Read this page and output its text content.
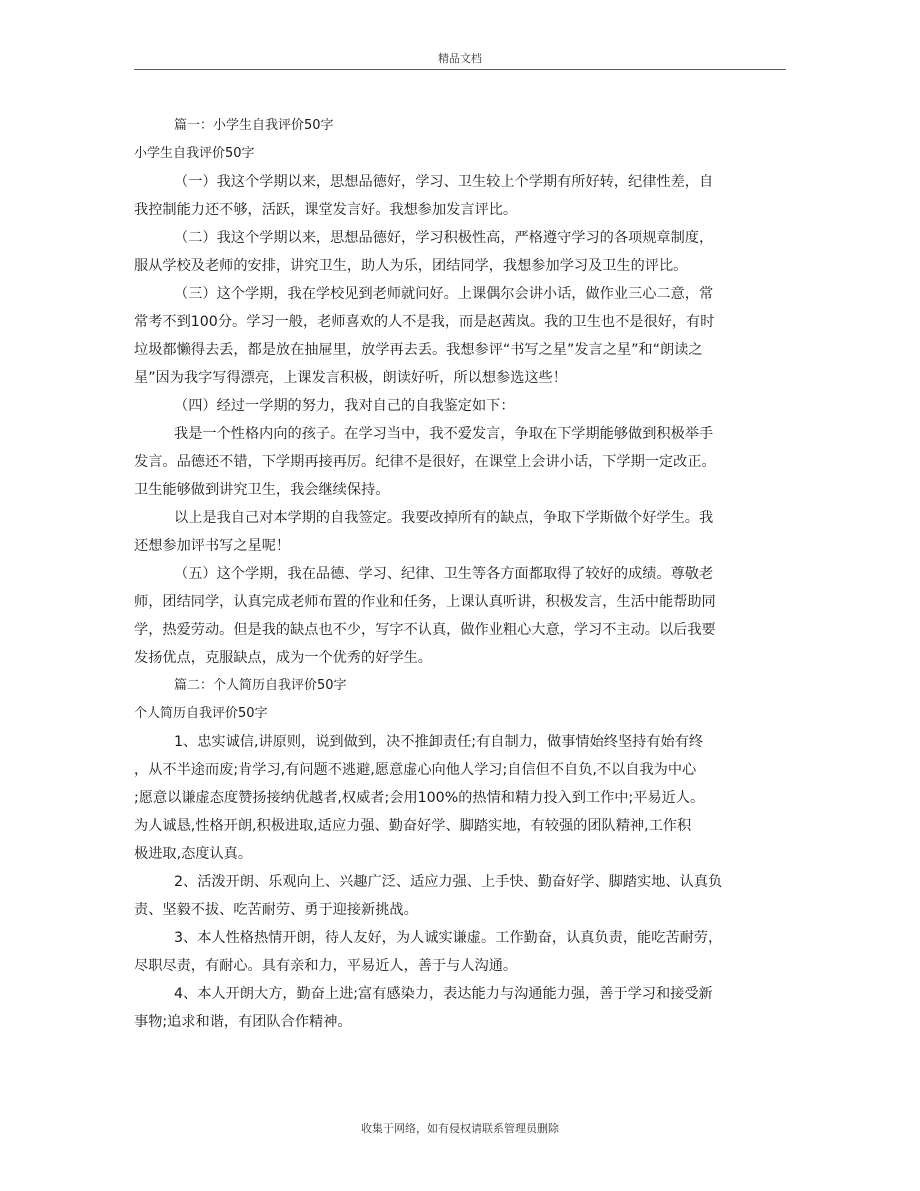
精品文档
篇一：小学生自我评价50字
小学生自我评价50字
（一）我这个学期以来，思想品德好，学习、卫生较上个学期有所好转，纪律性差，自
我控制能力还不够，活跃，课堂发言好。我想参加发言评比。
（二）我这个学期以来，思想品德好，学习积极性高，严格遵守学习的各项规章制度，
服从学校及老师的安排，讲究卫生，助人为乐，团结同学，我想参加学习及卫生的评比。
（三）这个学期，我在学校见到老师就问好。上课偶尔会讲小话，做作业三心二意，常
常考不到100分。学习一般，老师喜欢的人不是我，而是赵茜岚。我的卫生也不是很好，有时
垃圾都懒得去丢，都是放在抽屉里，放学再去丢。我想参评“书写之星”发言之星”和“朗读之
星”因为我字写得漂亮，上课发言积极，朗读好听，所以想参选这些！
（四）经过一学期的努力，我对自己的自我鉴定如下：
我是一个性格内向的孩子。在学习当中，我不爱发言，争取在下学期能够做到积极举手
发言。品德还不错，下学期再接再厉。纪律不是很好，在课堂上会讲小话，下学期一定改正。
卫生能够做到讲究卫生，我会继续保持。
以上是我自己对本学期的自我签定。我要改掉所有的缺点，争取下学斯做个好学生。我
还想参加评书写之星呢！
（五）这个学期，我在品德、学习、纪律、卫生等各方面都取得了较好的成绩。尊敬老
师，团结同学，认真完成老师布置的作业和任务，上课认真听讲，积极发言，生活中能帮助同
学，热爱劳动。但是我的缺点也不少，写字不认真，做作业粗心大意，学习不主动。以后我要
发扬优点，克服缺点，成为一个优秀的好学生。
篇二：个人简历自我评价50字
个人简历自我评价50字
1、忠实诚信,讲原则，说到做到，决不推卸责任;有自制力，做事情始终坚持有始有终
，从不半途而废;肯学习,有问题不逃避,愿意虚心向他人学习;自信但不自负,不以自我为中心
;愿意以谦虚态度赞扬接纳优越者,权威者;会用100%的热情和精力投入到工作中;平易近人。
为人诚恳,性格开朗,积极进取,适应力强、勤奋好学、脚踏实地，有较强的团队精神,工作积
极进取,态度认真。
2、活泼开朗、乐观向上、兴趣广泛、适应力强、上手快、勤奋好学、脚踏实地、认真负
责、坚毅不拔、吃苦耐劳、勇于迎接新挑战。
3、本人性格热情开朗，待人友好，为人诚实谦虚。工作勤奋，认真负责，能吃苦耐劳，
尽职尽责，有耐心。具有亲和力，平易近人，善于与人沟通。
4、本人开朗大方，勤奋上进;富有感染力，表达能力与沟通能力强，善于学习和接受新
事物;追求和谐，有团队合作精神。
收集于网络，如有侵权请联系管理员删除
